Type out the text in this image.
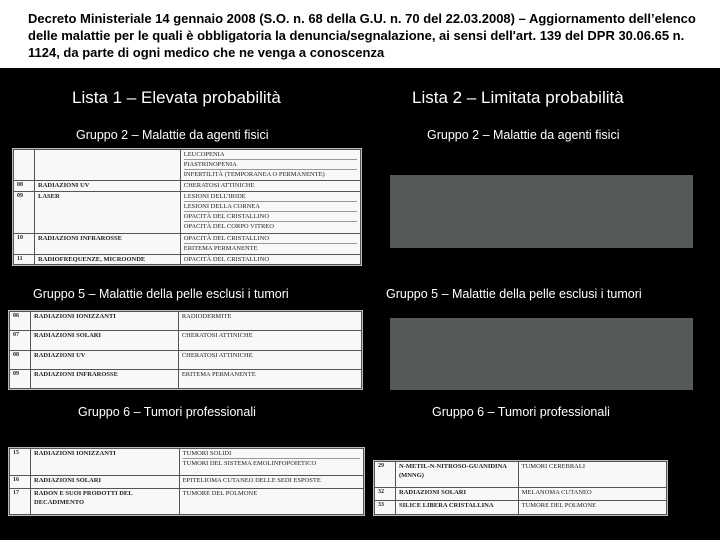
Decreto Ministeriale 14 gennaio 2008 (S.O. n. 68 della G.U. n. 70 del 22.03.2008) – Aggiornamento dell’elenco delle malattie per le quali è obbligatoria la denuncia/segnalazione, ai sensi dell'art. 139 del DPR 30.06.65 n. 1124, da parte di ogni medico che ne venga a conoscenza
Lista 1 – Elevata probabilità	Lista 2 – Limitata probabilità
Gruppo 2 – Malattie da agenti fisici	Gruppo 2 – Malattie da agenti fisici

		LEUCOPENIA
PIASTRINOPENIA
INFERTILITÀ (TEMPORANEA O PERMANENTE)

08	RADIAZIONI UV	CHERATOSI ATTINICHE

09	LASER	LESIONI DELL'IRIDE
LESIONI DELLA CORNEA
OPACITÀ DEL CRISTALLINO
OPACITÀ DEL CORPO VITREO

10	RADIAZIONI INFRAROSSE	OPACITÀ DEL CRISTALLINO
ERITEMA PERMANENTE

11	RADIOFREQUENZE, MICROONDE	OPACITÀ DEL CRISTALLINO
Gruppo 5 – Malattie della pelle esclusi i tumori	Gruppo 5 – Malattie della pelle esclusi i tumori
06	RADIAZIONI IONIZZANTI	RADIODERMITE

07	RADIAZIONI SOLARI	CHERATOSI ATTINICHE

08	RADIAZIONI UV	CHERATOSI ATTINICHE

09	RADIAZIONI INFRAROSSE	ERITEMA PERMANENTE
Gruppo 6 – Tumori professionali	Gruppo 6 – Tumori professionali
15	RADIAZIONI IONIZZANTI	TUMORI SOLIDI
TUMORI DEL SISTEMA EMOLINFOPOIETICO

16	RADIAZIONI SOLARI	EPITELIOMA CUTANEO DELLE SEDI ESPOSTE

17	RADON E SUOI PRODOTTI DEL DECADIMENTO	TUMORE DEL POLMONE
29	N-METIL-N-NITROSO-GUANIDINA (MNNG)	TUMORI CEREBRALI

32	RADIAZIONI SOLARI	MELANOMA CUTANEO

33	SILICE LIBERA CRISTALLINA	TUMORE DEL POLMONE
